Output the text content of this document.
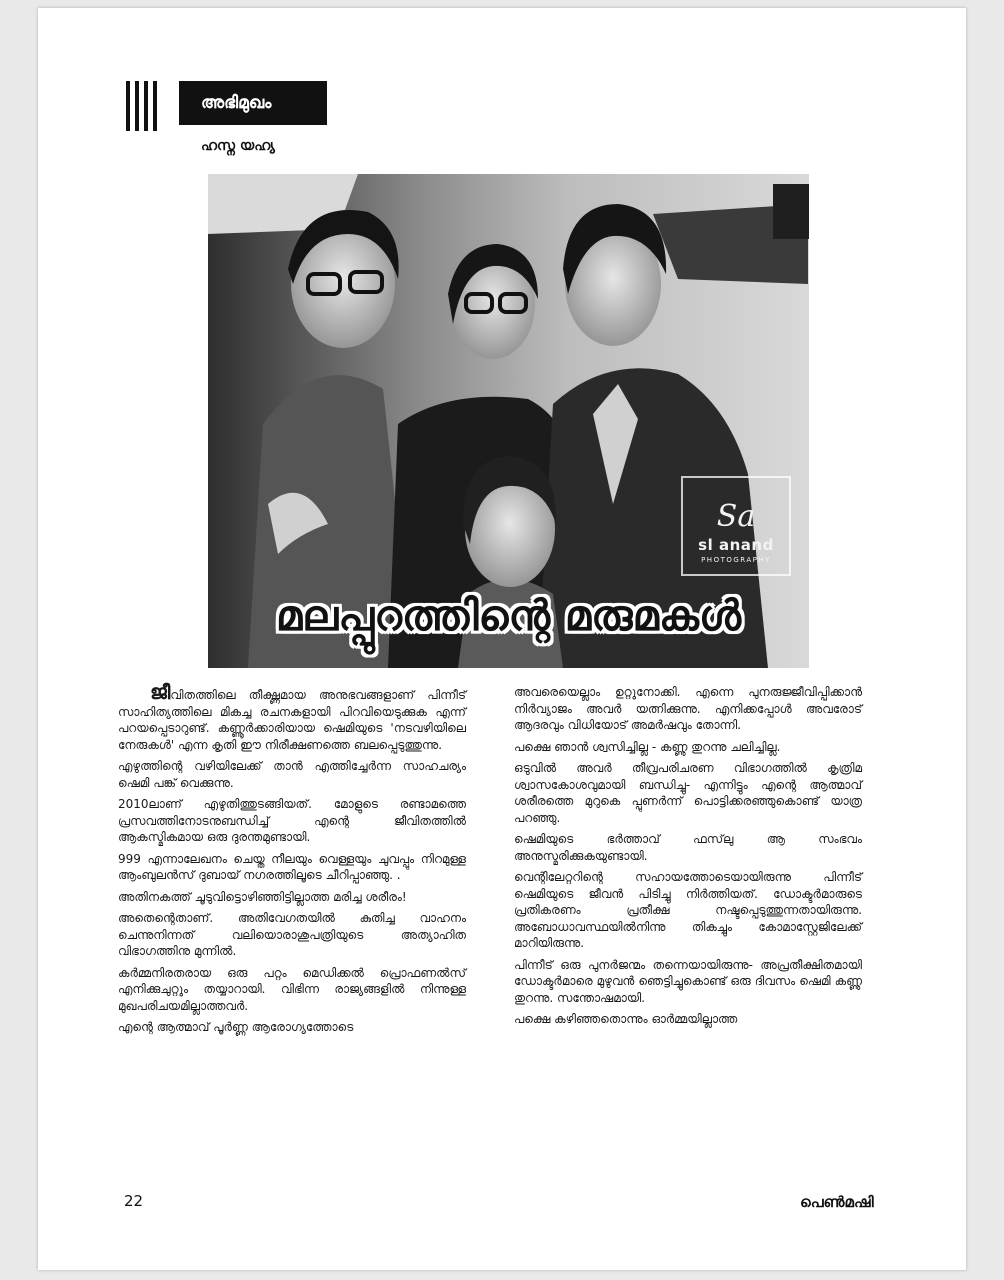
അഭിമുഖം
ഹസ്ന യഹ്യ
Sa
sl anand
PHOTOGRAPHY
മലപ്പുറത്തിന്റെ മരുമകൾ

ജീവിതത്തിലെ തീക്ഷ്ണമായ അനുഭവങ്ങളാണ് പിന്നീട് സാഹിത്യത്തിലെ മികച്ച രചനകളായി പിറവിയെടുക്കുക എന്ന് പറയപ്പെടാറുണ്ട്. കണ്ണൂർക്കാരിയായ ഷെമിയുടെ 'നടവഴിയിലെ നേരുകൾ' എന്ന കൃതി ഈ നിരീക്ഷണത്തെ ബലപ്പെടുത്തുന്നു.

എഴുത്തിന്റെ വഴിയിലേക്ക് താൻ എത്തിച്ചേർന്ന സാഹചര്യം ഷെമി പങ്ക് വെക്കുന്നു.

2010ലാണ് എഴുതിത്തുടങ്ങിയത്. മോളുടെ രണ്ടാമത്തെ പ്രസവത്തിനോടനുബന്ധിച്ച് എന്റെ ജീവിതത്തിൽ ആകസ്മികമായ ഒരു ദുരന്തമുണ്ടായി.

999 എന്നാലേഖനം ചെയ്ത നീലയും വെള്ളയും ചുവപ്പും നിറമുള്ള ആംബുലൻസ് ദുബായ് നഗരത്തിലൂടെ ചീറിപ്പാഞ്ഞു. .

അതിനകത്ത് ചൂടുവിട്ടൊഴിഞ്ഞിട്ടില്ലാത്ത മരിച്ച ശരീരം!

അതെന്റെതാണ്. അതിവേഗതയിൽ കുതിച്ച വാഹനം ചെന്നുനിന്നത് വലിയൊരാശുപത്രിയുടെ അത്യാഹിത വിഭാഗത്തിനു മുന്നിൽ.

കർമ്മനിരതരായ ഒരു പറ്റം മെഡിക്കൽ പ്രൊഫണൽസ് എനിക്കുചുറ്റും തയ്യാറായി. വിഭിന്ന രാജ്യങ്ങളിൽ നിന്നുള്ള മുഖപരിചയമില്ലാത്തവർ.

എന്റെ ആത്മാവ് പൂർണ്ണ ആരോഗ്യത്തോടെ

അവരെയെല്ലാം ഉറ്റുനോക്കി. എന്നെ പുനരുജ്ജീവിപ്പിക്കാൻ നിർവ്യാജം അവർ യത്നിക്കുന്നു. എനിക്കപ്പോൾ അവരോട് ആദരവും വിധിയോട് അമർഷവും തോന്നി.

പക്ഷെ ഞാൻ ശ്വസിച്ചില്ല - കണ്ണു തുറന്നു ചലിച്ചില്ല.

ഒടുവിൽ അവർ തീവ്രപരിചരണ വിഭാഗത്തിൽ കൃത്രിമ ശ്വാസകോശവുമായി ബന്ധിച്ചു- എന്നിട്ടും എന്റെ ആത്മാവ് ശരീരത്തെ മുറുകെ പ്പുണർന്ന് പൊട്ടിക്കരഞ്ഞുകൊണ്ട് യാത്ര പറഞ്ഞു.

ഷെമിയുടെ ഭർത്താവ് ഫസ്‌ലു ആ സംഭവം അനുസ്മരിക്കുകയുണ്ടായി.

വെന്റിലേറ്ററിന്റെ സഹായത്തോടെയായിരുന്നു പിന്നീട് ഷെമിയുടെ ജീവൻ പിടിച്ചു നിർത്തിയത്. ഡോക്ടർമാരുടെ പ്രതികരണം പ്രതീക്ഷ നഷ്ടപ്പെടുത്തുന്നതായിരുന്നു. അബോധാവസ്ഥയിൽനിന്നു തികച്ചും കോമാസ്റ്റേജിലേക്ക് മാറിയിരുന്നു.

പിന്നീട് ഒരു പുനർജന്മം തന്നെയായിരുന്നു- അപ്രതീക്ഷിതമായി ഡോക്ടർമാരെ മുഴുവൻ ഞെട്ടിച്ചുകൊണ്ട് ഒരു ദിവസം ഷെമി കണ്ണു തുറന്നു. സന്തോഷമായി.

പക്ഷെ കഴിഞ്ഞതൊന്നും ഓർമ്മയില്ലാത്ത

22	പെൺമഷി
